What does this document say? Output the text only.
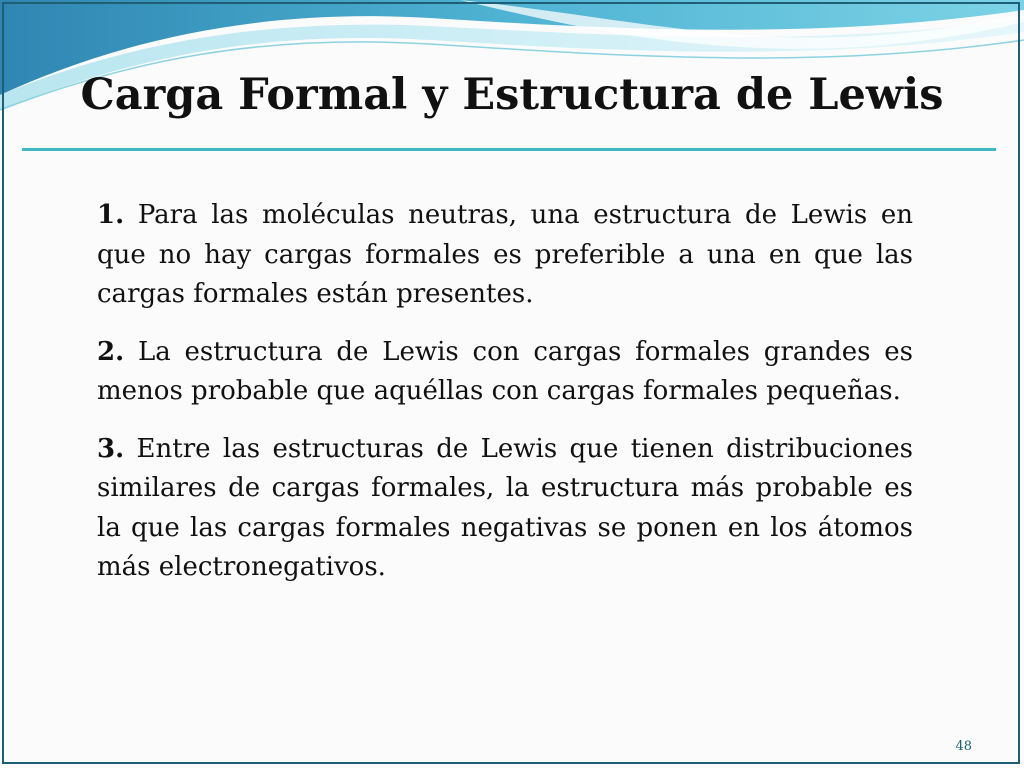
Carga Formal y Estructura de Lewis

1. Para las moléculas neutras, una estructura de Lewis en que no hay cargas formales es preferible a una en que las cargas formales están presentes.

2. La estructura de Lewis con cargas formales grandes es menos probable que aquéllas con cargas formales pequeñas.

3. Entre las estructuras de Lewis que tienen distribuciones similares de cargas formales, la estructura más probable es la que las cargas formales negativas se ponen en los átomos más electronegativos.

48
